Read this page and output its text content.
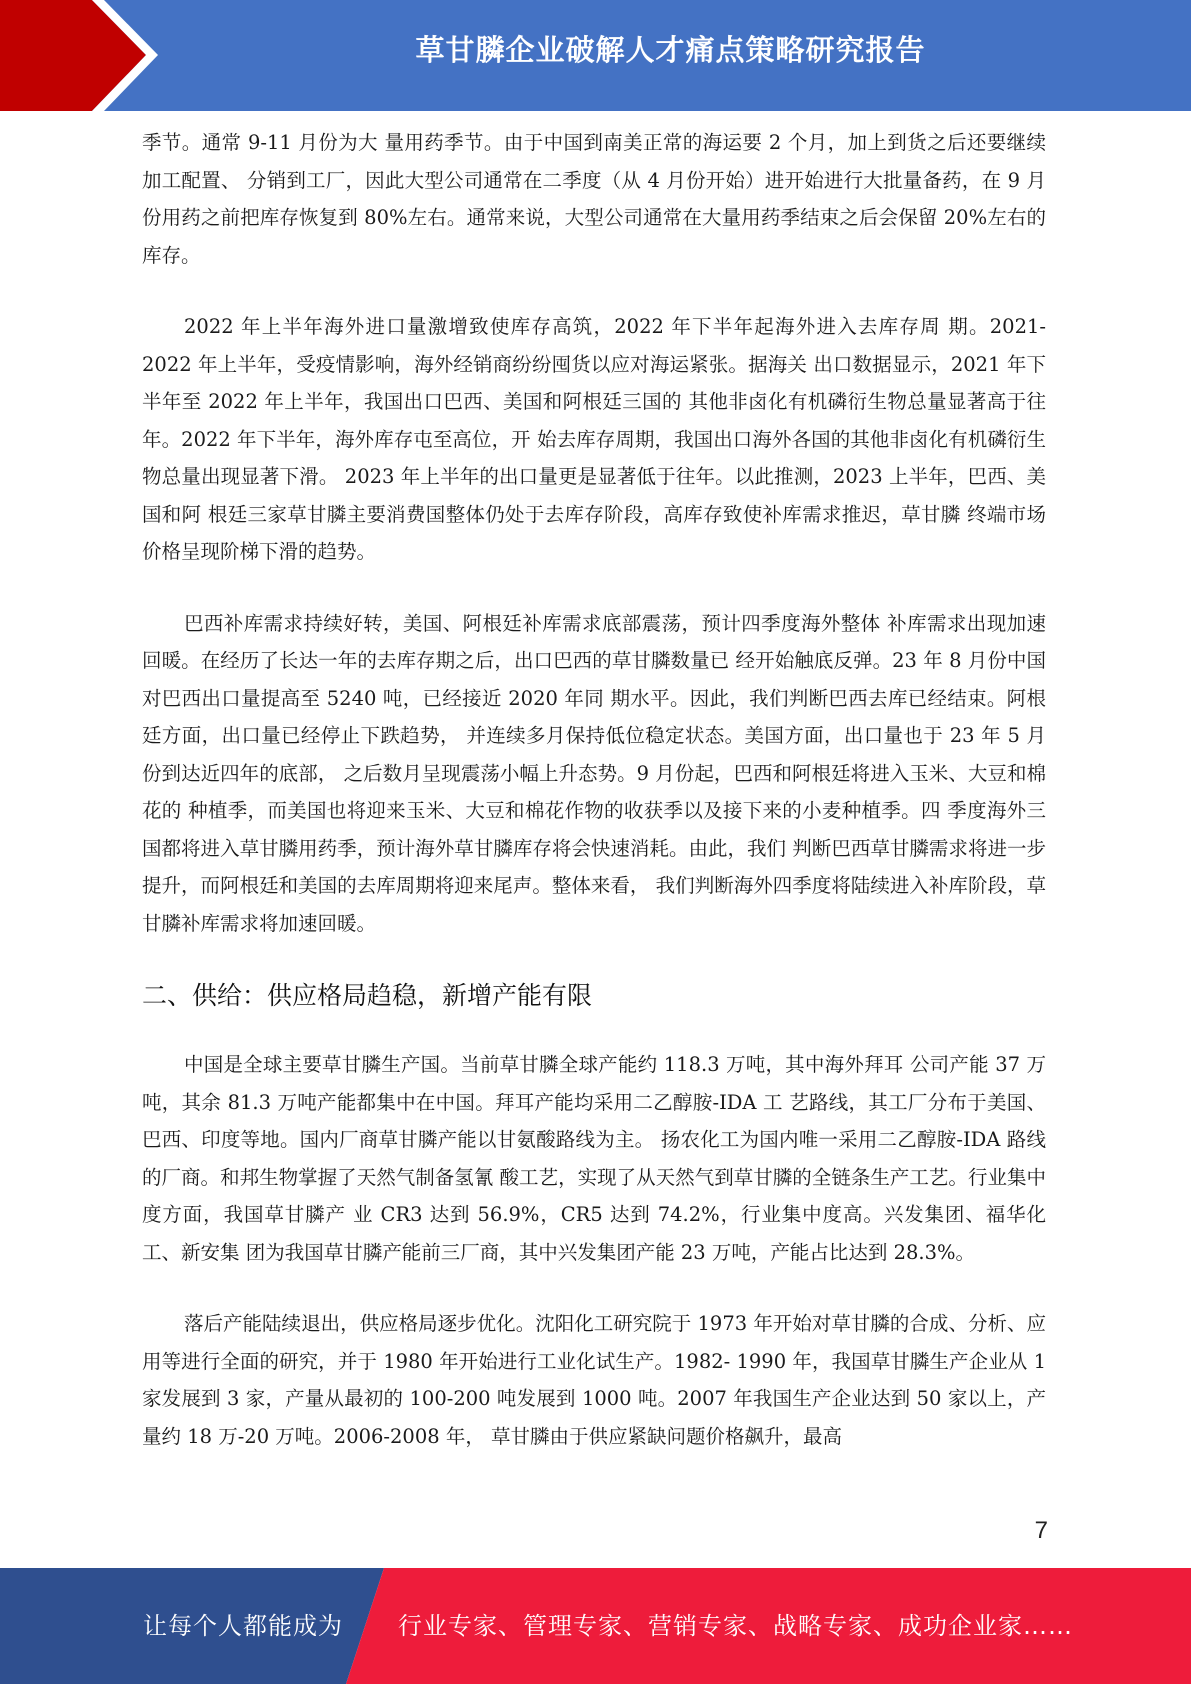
草甘膦企业破解人才痛点策略研究报告

季节。通常 9-11 月份为大 量用药季节。由于中国到南美正常的海运要 2 个月，加上到货之后还要继续加工配置、 分销到工厂，因此大型公司通常在二季度（从 4 月份开始）进开始进行大批量备药，在 9 月份用药之前把库存恢复到 80%左右。通常来说，大型公司通常在大量用药季结束之后会保留 20%左右的库存。

2022 年上半年海外进口量激增致使库存高筑，2022 年下半年起海外进入去库存周 期。2021-2022 年上半年，受疫情影响，海外经销商纷纷囤货以应对海运紧张。据海关 出口数据显示，2021 年下半年至 2022 年上半年，我国出口巴西、美国和阿根廷三国的 其他非卤化有机磷衍生物总量显著高于往年。2022 年下半年，海外库存屯至高位，开 始去库存周期，我国出口海外各国的其他非卤化有机磷衍生物总量出现显著下滑。 2023 年上半年的出口量更是显著低于往年。以此推测，2023 上半年，巴西、美国和阿 根廷三家草甘膦主要消费国整体仍处于去库存阶段，高库存致使补库需求推迟，草甘膦 终端市场价格呈现阶梯下滑的趋势。

巴西补库需求持续好转，美国、阿根廷补库需求底部震荡，预计四季度海外整体 补库需求出现加速回暖。在经历了长达一年的去库存期之后，出口巴西的草甘膦数量已 经开始触底反弹。23 年 8 月份中国对巴西出口量提高至 5240 吨，已经接近 2020 年同 期水平。因此，我们判断巴西去库已经结束。阿根廷方面，出口量已经停止下跌趋势， 并连续多月保持低位稳定状态。美国方面，出口量也于 23 年 5 月份到达近四年的底部， 之后数月呈现震荡小幅上升态势。9 月份起，巴西和阿根廷将进入玉米、大豆和棉花的 种植季，而美国也将迎来玉米、大豆和棉花作物的收获季以及接下来的小麦种植季。四 季度海外三国都将进入草甘膦用药季，预计海外草甘膦库存将会快速消耗。由此，我们 判断巴西草甘膦需求将进一步提升，而阿根廷和美国的去库周期将迎来尾声。整体来看， 我们判断海外四季度将陆续进入补库阶段，草甘膦补库需求将加速回暖。

二、供给：供应格局趋稳，新增产能有限

中国是全球主要草甘膦生产国。当前草甘膦全球产能约 118.3 万吨，其中海外拜耳 公司产能 37 万吨，其余 81.3 万吨产能都集中在中国。拜耳产能均采用二乙醇胺-IDA 工 艺路线，其工厂分布于美国、巴西、印度等地。国内厂商草甘膦产能以甘氨酸路线为主。 扬农化工为国内唯一采用二乙醇胺-IDA 路线的厂商。和邦生物掌握了天然气制备氢氰 酸工艺，实现了从天然气到草甘膦的全链条生产工艺。行业集中度方面，我国草甘膦产 业 CR3 达到 56.9%，CR5 达到 74.2%，行业集中度高。兴发集团、福华化工、新安集 团为我国草甘膦产能前三厂商，其中兴发集团产能 23 万吨，产能占比达到 28.3%。

落后产能陆续退出，供应格局逐步优化。沈阳化工研究院于 1973 年开始对草甘膦的合成、分析、应用等进行全面的研究，并于 1980 年开始进行工业化试生产。1982- 1990 年，我国草甘膦生产企业从 1 家发展到 3 家，产量从最初的 100-200 吨发展到 1000 吨。2007 年我国生产企业达到 50 家以上，产量约 18 万-20 万吨。2006-2008 年， 草甘膦由于供应紧缺问题价格飙升，最高

7
让每个人都能成为 行业专家、管理专家、营销专家、战略专家、成功企业家……
